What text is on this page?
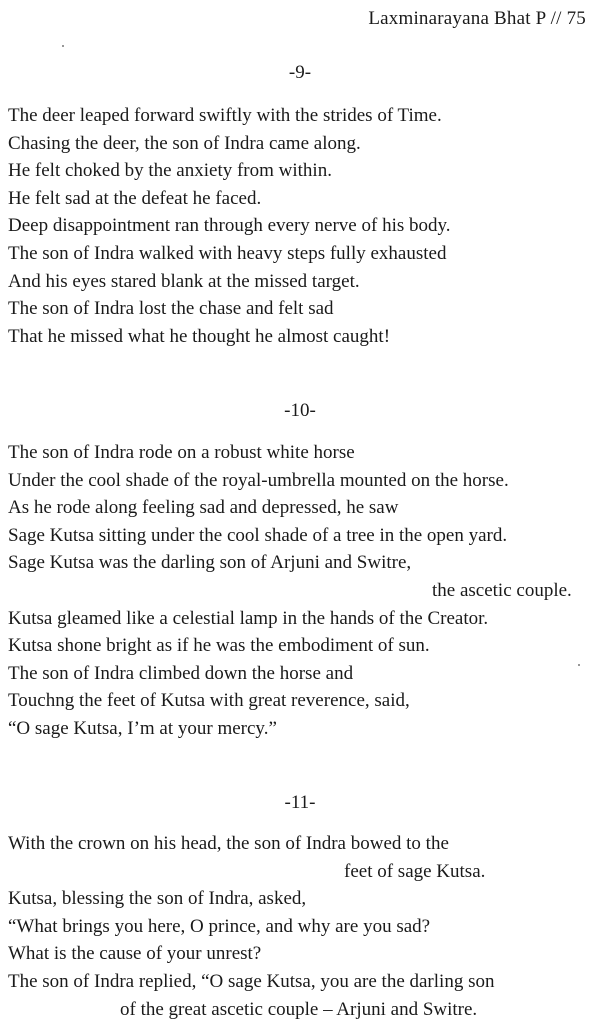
Laxminarayana Bhat P // 75
-9-
The deer leaped forward swiftly with the strides of Time.
Chasing the deer, the son of Indra came along.
He felt choked by the anxiety from within.
He felt sad at the defeat he faced.
Deep disappointment ran through every nerve of his body.
The son of Indra walked with heavy steps fully exhausted
And his eyes stared blank at the missed target.
The son of Indra lost the chase and felt sad
That he missed what he thought he almost caught!
-10-
The son of Indra rode on a robust white horse
Under the cool shade of the royal-umbrella mounted on the horse.
As he rode along feeling sad and depressed, he saw
Sage Kutsa sitting under the cool shade of a tree in the open yard.
Sage Kutsa was the darling son of Arjuni and Switre,
the ascetic couple.
Kutsa gleamed like a celestial lamp in the hands of the Creator.
Kutsa shone bright as if he was the embodiment of sun.
The son of Indra climbed down the horse and
Touchng the feet of Kutsa with great reverence, said,
“O sage Kutsa, I’m at your mercy.”
-11-
With the crown on his head, the son of Indra bowed to the
feet of sage Kutsa.
Kutsa, blessing the son of Indra, asked,
“What brings you here, O prince, and why are you sad?
What is the cause of your unrest?
The son of Indra replied, “O sage Kutsa, you are the darling son
of the great ascetic couple – Arjuni and Switre.
